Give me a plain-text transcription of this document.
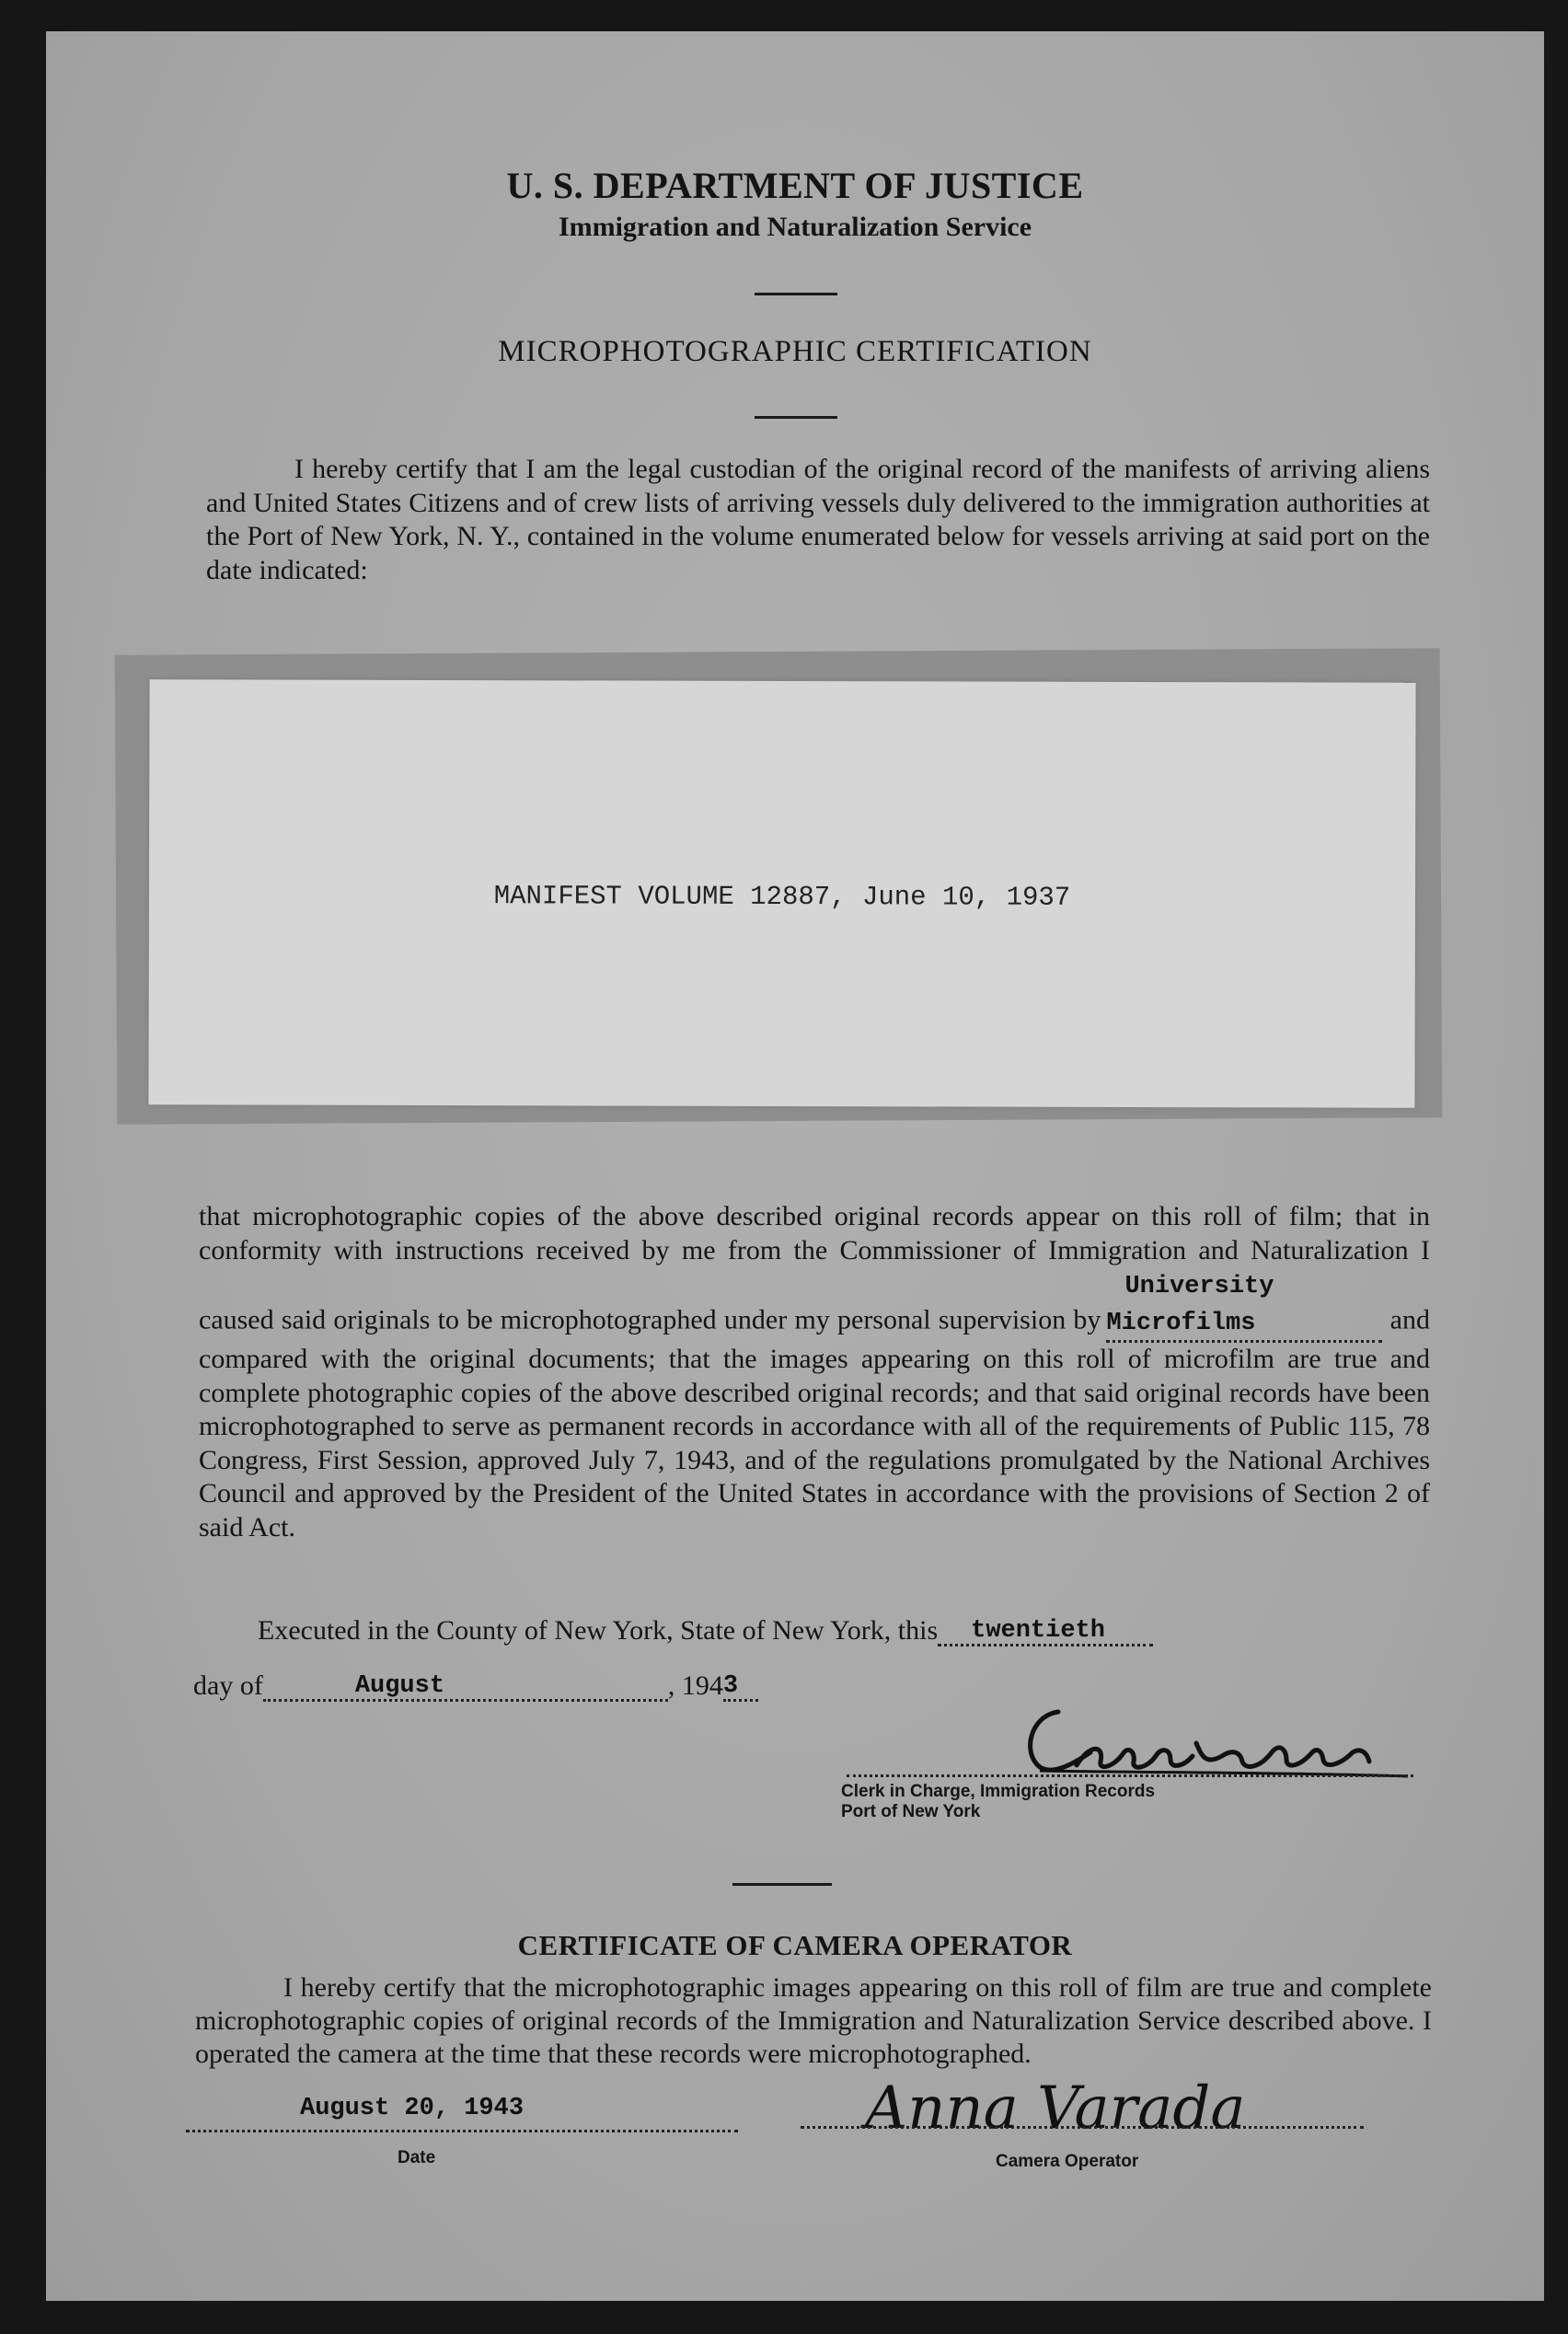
U. S. DEPARTMENT OF JUSTICE
Immigration and Naturalization Service
MICROPHOTOGRAPHIC CERTIFICATION

I hereby certify that I am the legal custodian of the original record of the manifests of arriving aliens and United States Citizens and of crew lists of arriving vessels duly delivered to the immigration authorities at the Port of New York, N. Y., contained in the volume enumerated below for vessels arriving at said port on the date indicated:

MANIFEST VOLUME 12887, June 10, 1937

that microphotographic copies of the above described original records appear on this roll of film; that in conformity with instructions received by me from the Commissioner of Immigration and Naturalization I caused said originals to be microphotographed under my personal supervision byUniversity Microfilms	and compared with the original documents; that the images appearing on this roll of microfilm are true and complete photographic copies of the above described original records; and that said original records have been microphotographed to serve as permanent records in accordance with all of the requirements of Public 115, 78 Congress, First Session, approved July 7, 1943, and of the regulations promulgated by the National Archives Council and approved by the President of the United States in accordance with the provisions of Section 2 of said Act.

Executed in the County of New York, State of New York, this twentieth
day of	August	, 1943
Clerk in Charge, Immigration Records
Port of New York
CERTIFICATE OF CAMERA OPERATOR

I hereby certify that the microphotographic images appearing on this roll of film are true and complete microphotographic copies of original records of the Immigration and Naturalization Service described above. I operated the camera at the time that these records were microphotographed.

August 20, 1943
Date
Anna Varada
Camera Operator
